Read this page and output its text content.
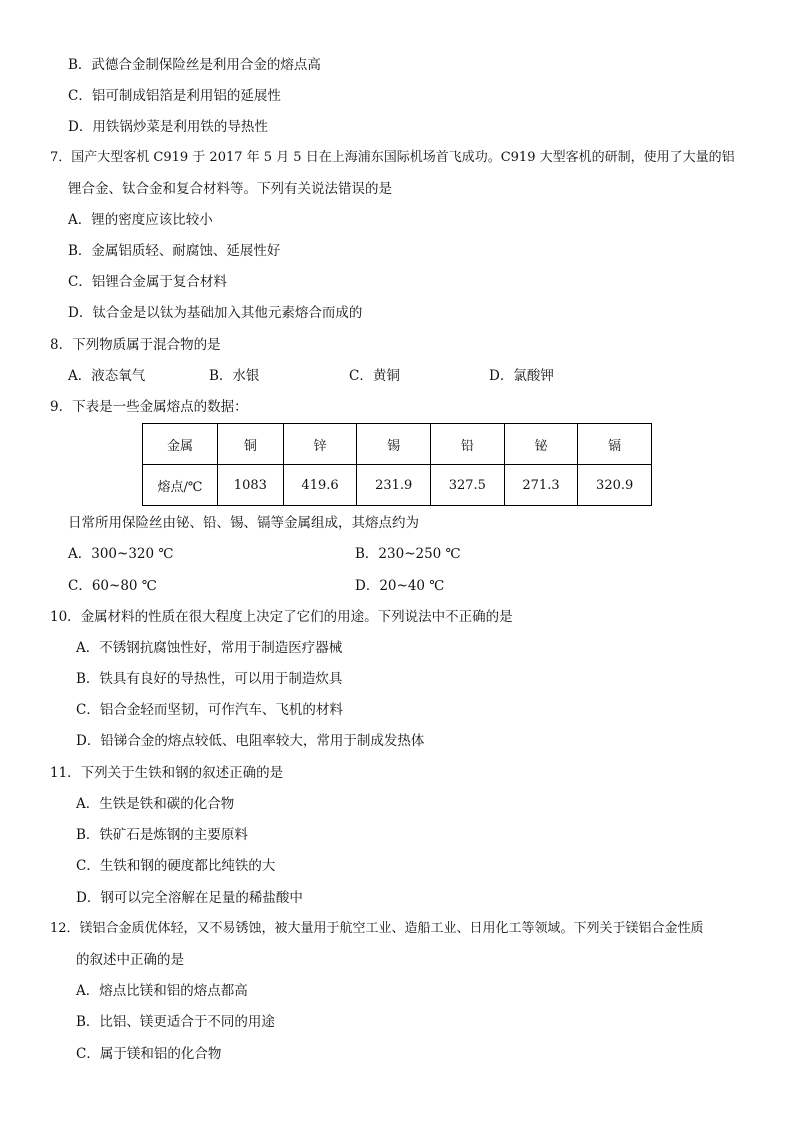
B．武德合金制保险丝是利用合金的熔点高
C．铝可制成铝箔是利用铝的延展性
D．用铁锅炒菜是利用铁的导热性
7．国产大型客机 C919 于 2017 年 5 月 5 日在上海浦东国际机场首飞成功。C919 大型客机的研制，使用了大量的铝
锂合金、钛合金和复合材料等。下列有关说法错误的是
A．锂的密度应该比较小
B．金属铝质轻、耐腐蚀、延展性好
C．铝锂合金属于复合材料
D．钛合金是以钛为基础加入其他元素熔合而成的
8．下列物质属于混合物的是
A．液态氧气	B．水银	C．黄铜	D．氯酸钾
9．下表是一些金属熔点的数据：
金属	铜	锌	锡	铅	铋	镉
熔点/℃	1083	419.6	231.9	327.5	271.3	320.9
日常所用保险丝由铋、铅、锡、镉等金属组成，其熔点约为
A．300~320 ℃	B．230~250 ℃
C．60~80 ℃	D．20~40 ℃
10．金属材料的性质在很大程度上决定了它们的用途。下列说法中不正确的是
A．不锈钢抗腐蚀性好，常用于制造医疗器械
B．铁具有良好的导热性，可以用于制造炊具
C．铝合金轻而坚韧，可作汽车、飞机的材料
D．铅锑合金的熔点较低、电阻率较大，常用于制成发热体
11．下列关于生铁和钢的叙述正确的是
A．生铁是铁和碳的化合物
B．铁矿石是炼钢的主要原料
C．生铁和钢的硬度都比纯铁的大
D．钢可以完全溶解在足量的稀盐酸中
12．镁铝合金质优体轻，又不易锈蚀，被大量用于航空工业、造船工业、日用化工等领域。下列关于镁铝合金性质
的叙述中正确的是
A．熔点比镁和铝的熔点都高
B．比铝、镁更适合于不同的用途
C．属于镁和铝的化合物
